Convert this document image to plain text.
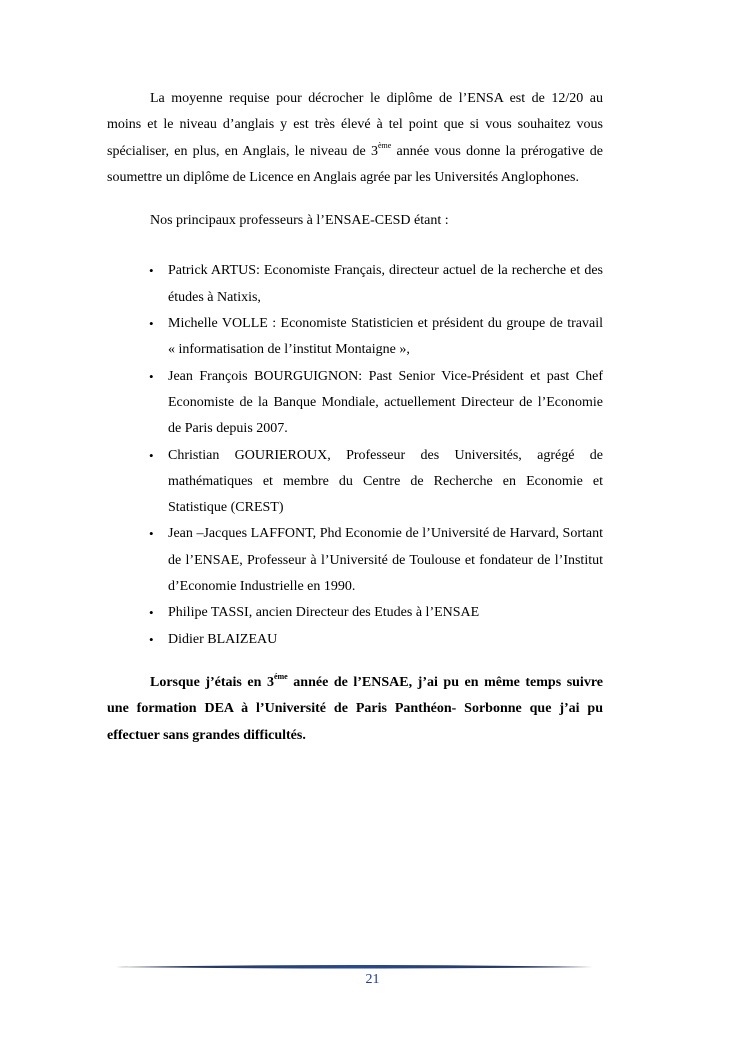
La moyenne requise pour décrocher le diplôme de l’ENSA est de 12/20 au moins et le niveau d’anglais y est très élevé à tel point que si vous souhaitez vous spécialiser, en plus, en Anglais, le niveau de 3ème année vous donne la prérogative de soumettre un diplôme de Licence en Anglais agrée par les Universités Anglophones.

Nos principaux professeurs à l’ENSAE-CESD étant :

• Patrick ARTUS: Economiste Français, directeur actuel de la recherche et des études à Natixis,
• Michelle VOLLE : Economiste Statisticien et président du groupe de travail « informatisation de l’institut Montaigne »,
• Jean François BOURGUIGNON: Past Senior Vice-Président et past Chef Economiste de la Banque Mondiale, actuellement Directeur de l’Economie de Paris depuis 2007.
• Christian GOURIEROUX, Professeur des Universités, agrégé de mathématiques et membre du Centre de Recherche en Economie et Statistique (CREST)
• Jean –Jacques LAFFONT, Phd Economie de l’Université de Harvard, Sortant de l’ENSAE, Professeur à l’Université de Toulouse et fondateur de l’Institut d’Economie Industrielle en 1990.
• Philipe TASSI, ancien Directeur des Etudes à l’ENSAE
• Didier BLAIZEAU

Lorsque j’étais en $3^{éme}$ année de l’ENSAE, j’ai pu en même temps suivre une formation DEA à l’Université de Paris Panthéon- Sorbonne que j’ai pu effectuer sans grandes difficultés.

21
